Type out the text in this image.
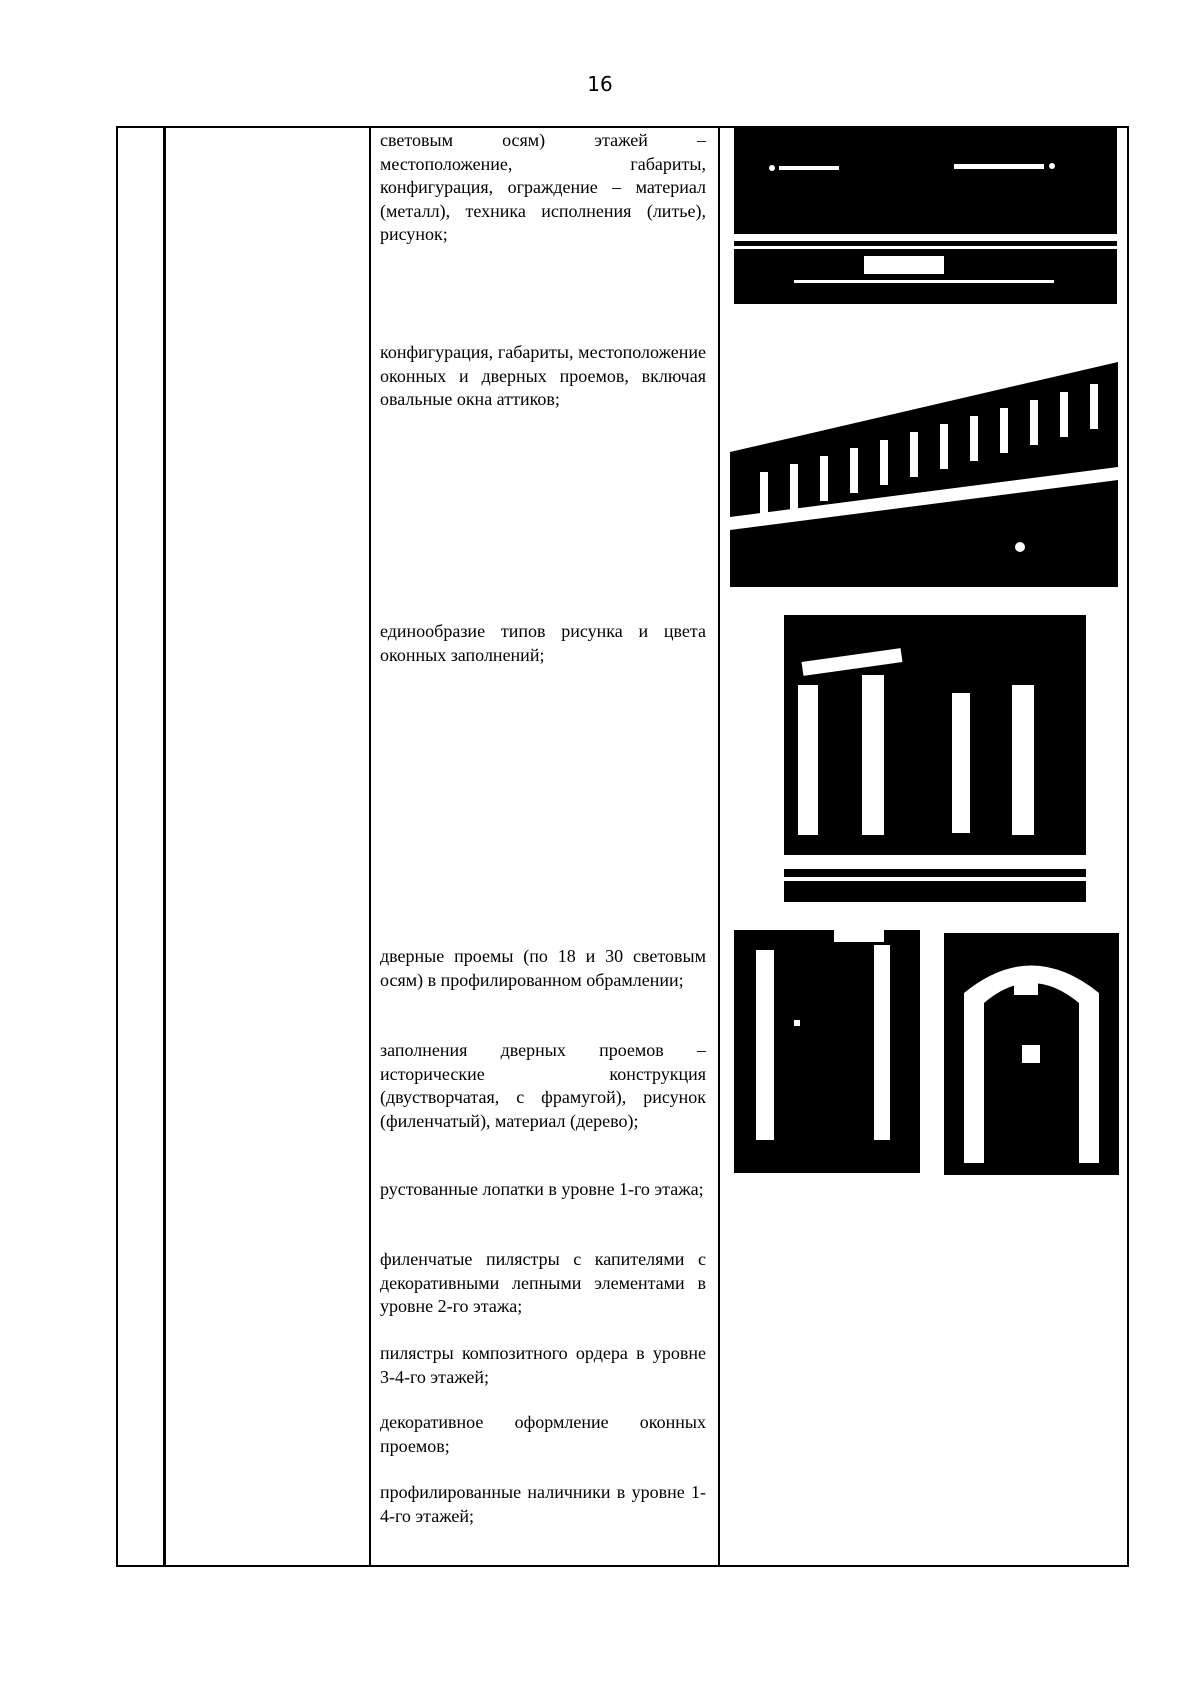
16
световым осям) этажей – местоположение, габариты, конфигурация, ограждение – материал (металл), техника исполнения (литье), рисунок;
конфигурация, габариты, местоположение оконных и дверных проемов, включая овальные окна аттиков;
единообразие типов рисунка и цвета оконных заполнений;
дверные проемы (по 18 и 30 световым осям) в профилированном обрамлении;
заполнения дверных проемов – исторические конструкция (двустворчатая, с фрамугой), рисунок (филенчатый), материал (дерево);
рустованные лопатки в уровне 1-го этажа;
филенчатые пилястры с капителями с декоративными лепными элементами в уровне 2-го этажа;
пилястры композитного ордера в уровне 3-4-го этажей;
декоративное оформление оконных проемов;
профилированные наличники в уровне 1-4-го этажей;
